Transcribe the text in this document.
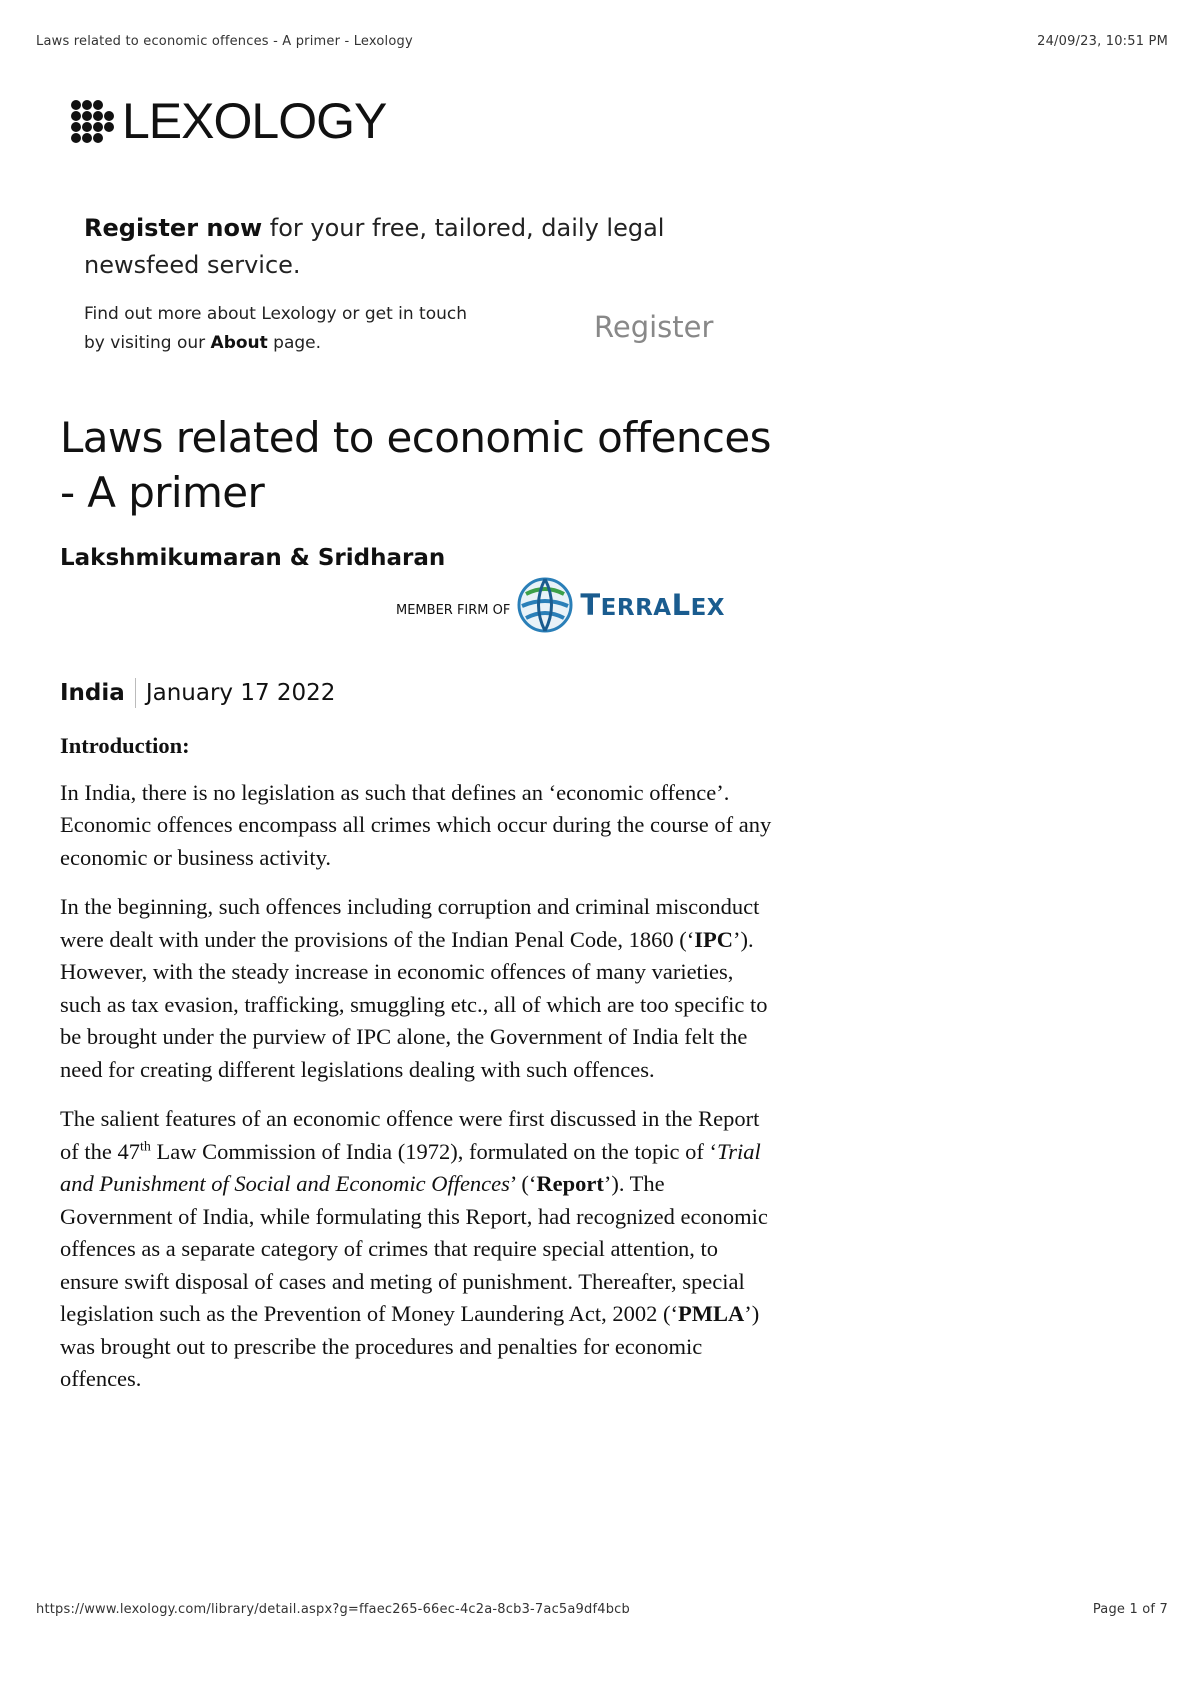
Laws related to economic offences - A primer - Lexology	24/09/23, 10:51 PM
LEXOLOGY
Register now for your free, tailored, daily legal newsfeed service.
Find out more about Lexology or get in touch by visiting our About page.	Register
Laws related to economic offences - A primer
Lakshmikumaran & Sridharan
MEMBER FIRM OF TERRALEX
India January 17 2022
Introduction:

In India, there is no legislation as such that defines an ‘economic offence’. Economic offences encompass all crimes which occur during the course of any economic or business activity.

In the beginning, such offences including corruption and criminal misconduct were dealt with under the provisions of the Indian Penal Code, 1860 (‘IPC’). However, with the steady increase in economic offences of many varieties, such as tax evasion, trafficking, smuggling etc., all of which are too specific to be brought under the purview of IPC alone, the Government of India felt the need for creating different legislations dealing with such offences.

The salient features of an economic offence were first discussed in the Report of the 47th Law Commission of India (1972), formulated on the topic of ‘Trial and Punishment of Social and Economic Offences’ (‘Report’). The Government of India, while formulating this Report, had recognized economic offences as a separate category of crimes that require special attention, to ensure swift disposal of cases and meting of punishment. Thereafter, special legislation such as the Prevention of Money Laundering Act, 2002 (‘PMLA’) was brought out to prescribe the procedures and penalties for economic offences.

https://www.lexology.com/library/detail.aspx?g=ffaec265-66ec-4c2a-8cb3-7ac5a9df4bcb	Page 1 of 7
